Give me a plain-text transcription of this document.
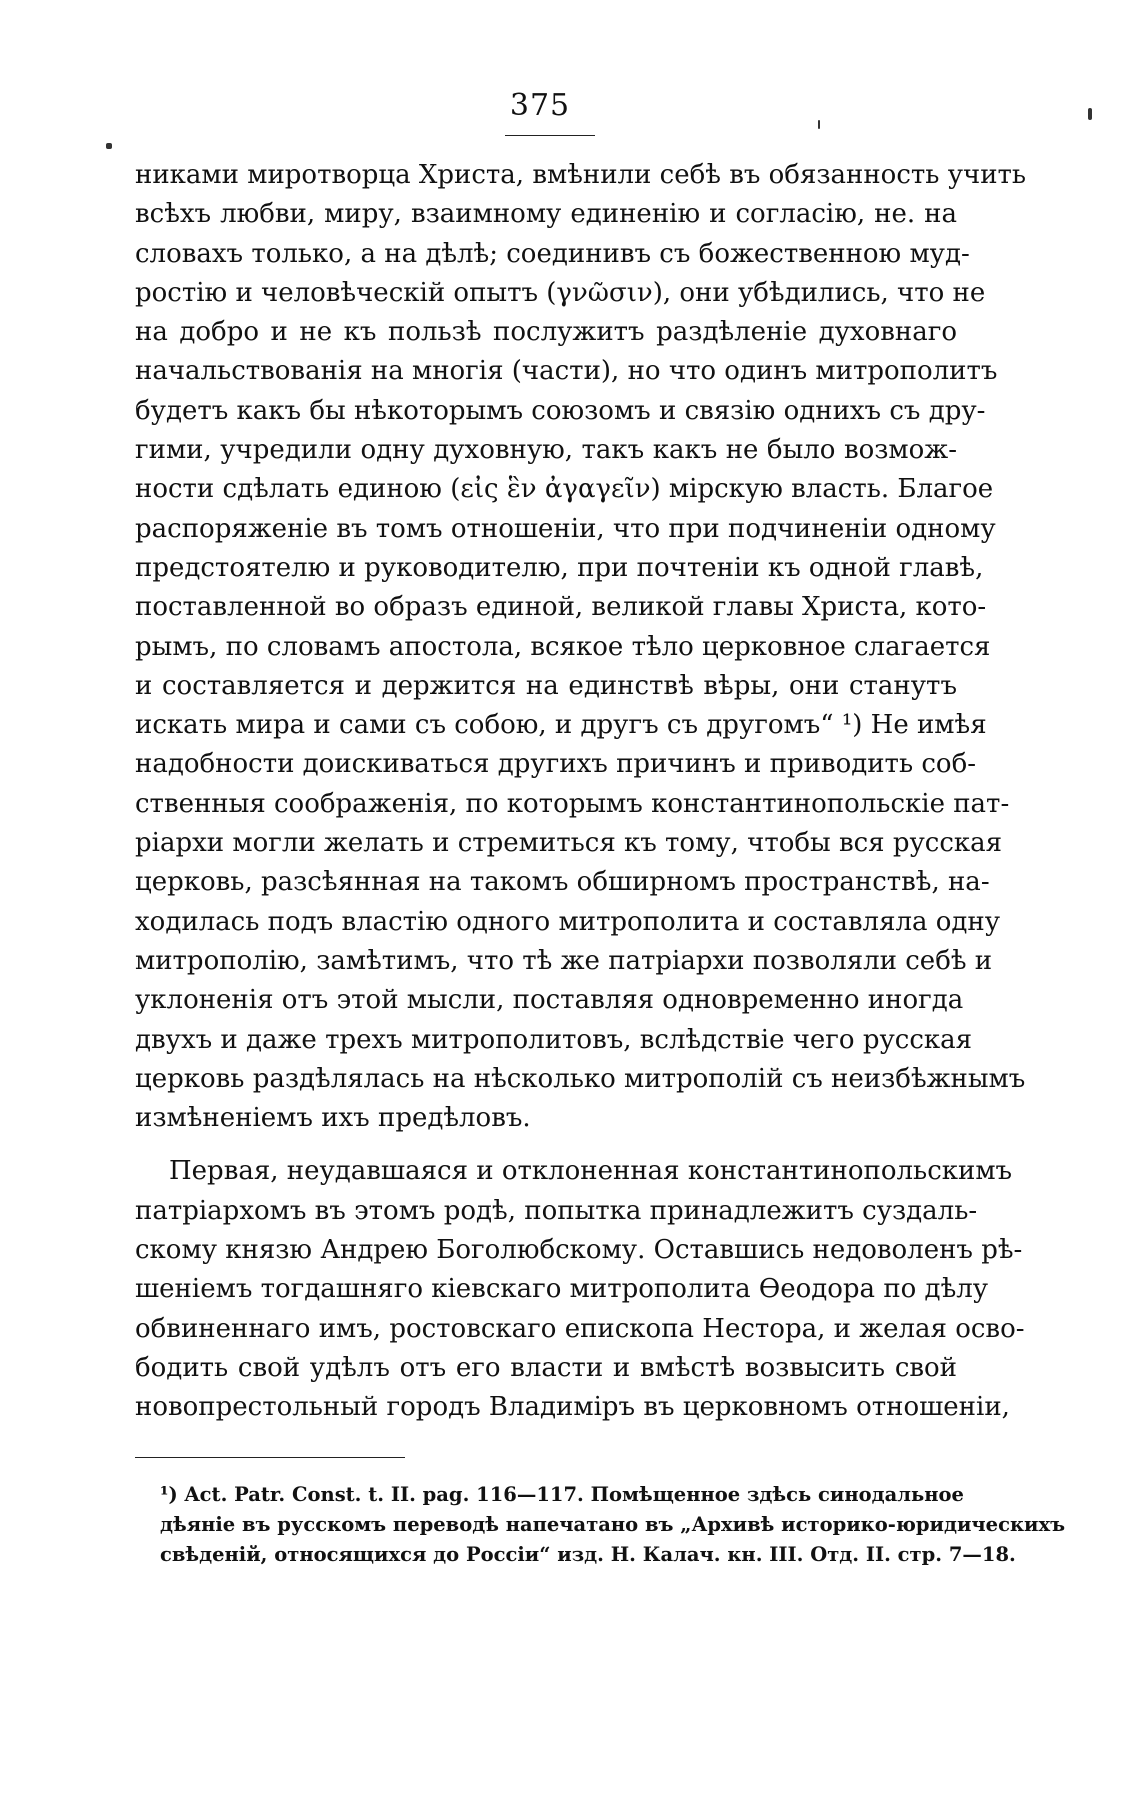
375
никами миротворца Христа, вмѣнили себѣ въ обязанность учить
всѣхъ любви, миру, взаимному единенію и согласію, не. на
словахъ только, а на дѣлѣ; соединивъ съ божественною муд-
ростію и человѣческій опытъ (γνῶσιν), они убѣдились, что не
на добро и не къ пользѣ послужитъ раздѣленіе духовнаго
начальствованія на многія (части), но что одинъ митрополитъ
будетъ какъ бы нѣкоторымъ союзомъ и связію однихъ съ дру-
гими, учредили одну духовную, такъ какъ не было возмож-
ности сдѣлать единою (εἰς ἓν ἀγαγεῖν) мірскую власть. Благое
распоряженіе въ томъ отношеніи, что при подчиненіи одному
предстоятелю и руководителю, при почтеніи къ одной главѣ,
поставленной во образъ единой, великой главы Христа, кото-
рымъ, по словамъ апостола, всякое тѣло церковное слагается
и составляется и держится на единствѣ вѣры, они станутъ
искать мира и сами съ собою, и другъ съ другомъ“ ¹) Не имѣя
надобности доискиваться другихъ причинъ и приводить соб-
ственныя соображенія, по которымъ константинопольскіе пат-
ріархи могли желать и стремиться къ тому, чтобы вся русская
церковь, разсѣянная на такомъ обширномъ пространствѣ, на-
ходилась подъ властію одного митрополита и составляла одну
митрополію, замѣтимъ, что тѣ же патріархи позволяли себѣ и
уклоненія отъ этой мысли, поставляя одновременно иногда
двухъ и даже трехъ митрополитовъ, вслѣдствіе чего русская
церковь раздѣлялась на нѣсколько митрополій съ неизбѣжнымъ
измѣненіемъ ихъ предѣловъ.
Первая, неудавшаяся и отклоненная константинопольскимъ
патріархомъ въ этомъ родѣ, попытка принадлежитъ суздаль-
скому князю Андрею Боголюбскому. Оставшись недоволенъ рѣ-
шеніемъ тогдашняго кіевскаго митрополита Ѳеодора по дѣлу
обвиненнаго имъ, ростовскаго епископа Нестора, и желая осво-
бодить свой удѣлъ отъ его власти и вмѣстѣ возвысить свой
новопрестольный городъ Владиміръ въ церковномъ отношеніи,
¹) Act. Patr. Const. t. II. pag. 116—117. Помѣщенное здѣсь синодальное
дѣяніе въ русскомъ переводѣ напечатано въ „Архивѣ историко-юридическихъ
свѣденій, относящихся до Россіи“ изд. Н. Калач. кн. III. Отд. II. стр. 7—18.
